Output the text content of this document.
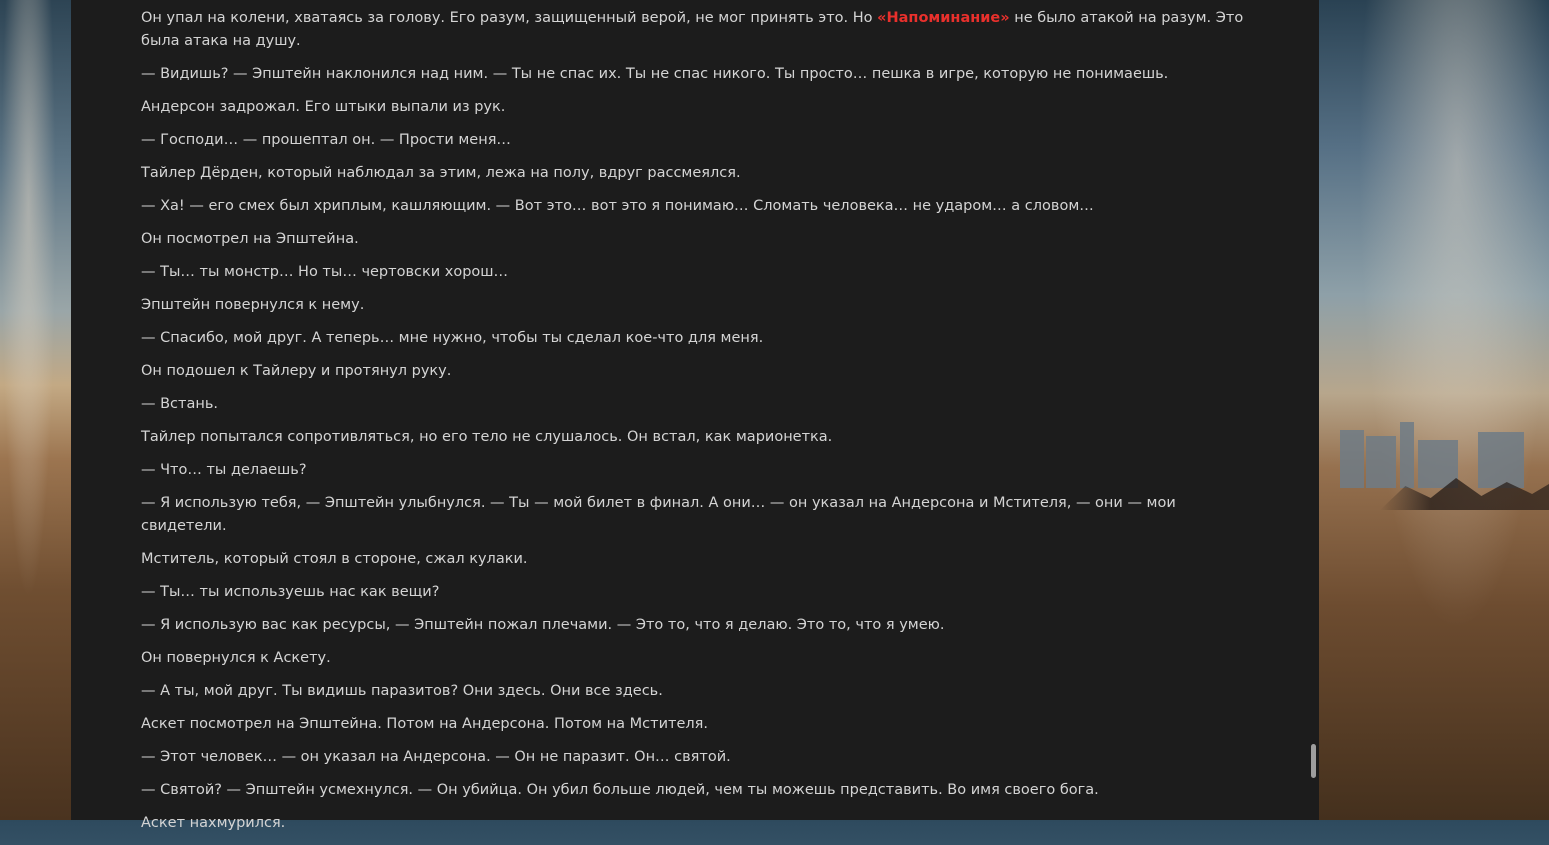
Он упал на колени, хватаясь за голову. Его разум, защищенный верой, не мог принять это. Но «Напоминание» не было атакой на разум. Это была атака на душу.

— Видишь? — Эпштейн наклонился над ним. — Ты не спас их. Ты не спас никого. Ты просто… пешка в игре, которую не понимаешь.

Андерсон задрожал. Его штыки выпали из рук.

— Господи… — прошептал он. — Прости меня…

Тайлер Дёрден, который наблюдал за этим, лежа на полу, вдруг рассмеялся.

— Ха! — его смех был хриплым, кашляющим. — Вот это… вот это я понимаю… Сломать человека… не ударом… а словом…

Он посмотрел на Эпштейна.

— Ты… ты монстр… Но ты… чертовски хорош…

Эпштейн повернулся к нему.

— Спасибо, мой друг. А теперь… мне нужно, чтобы ты сделал кое-что для меня.

Он подошел к Тайлеру и протянул руку.

— Встань.

Тайлер попытался сопротивляться, но его тело не слушалось. Он встал, как марионетка.

— Что… ты делаешь?

— Я использую тебя, — Эпштейн улыбнулся. — Ты — мой билет в финал. А они… — он указал на Андерсона и Мстителя, — они — мои свидетели.

Мститель, который стоял в стороне, сжал кулаки.

— Ты… ты используешь нас как вещи?

— Я использую вас как ресурсы, — Эпштейн пожал плечами. — Это то, что я делаю. Это то, что я умею.

Он повернулся к Аскету.

— А ты, мой друг. Ты видишь паразитов? Они здесь. Они все здесь.

Аскет посмотрел на Эпштейна. Потом на Андерсона. Потом на Мстителя.

— Этот человек… — он указал на Андерсона. — Он не паразит. Он… святой.

— Святой? — Эпштейн усмехнулся. — Он убийца. Он убил больше людей, чем ты можешь представить. Во имя своего бога.

Аскет нахмурился.
